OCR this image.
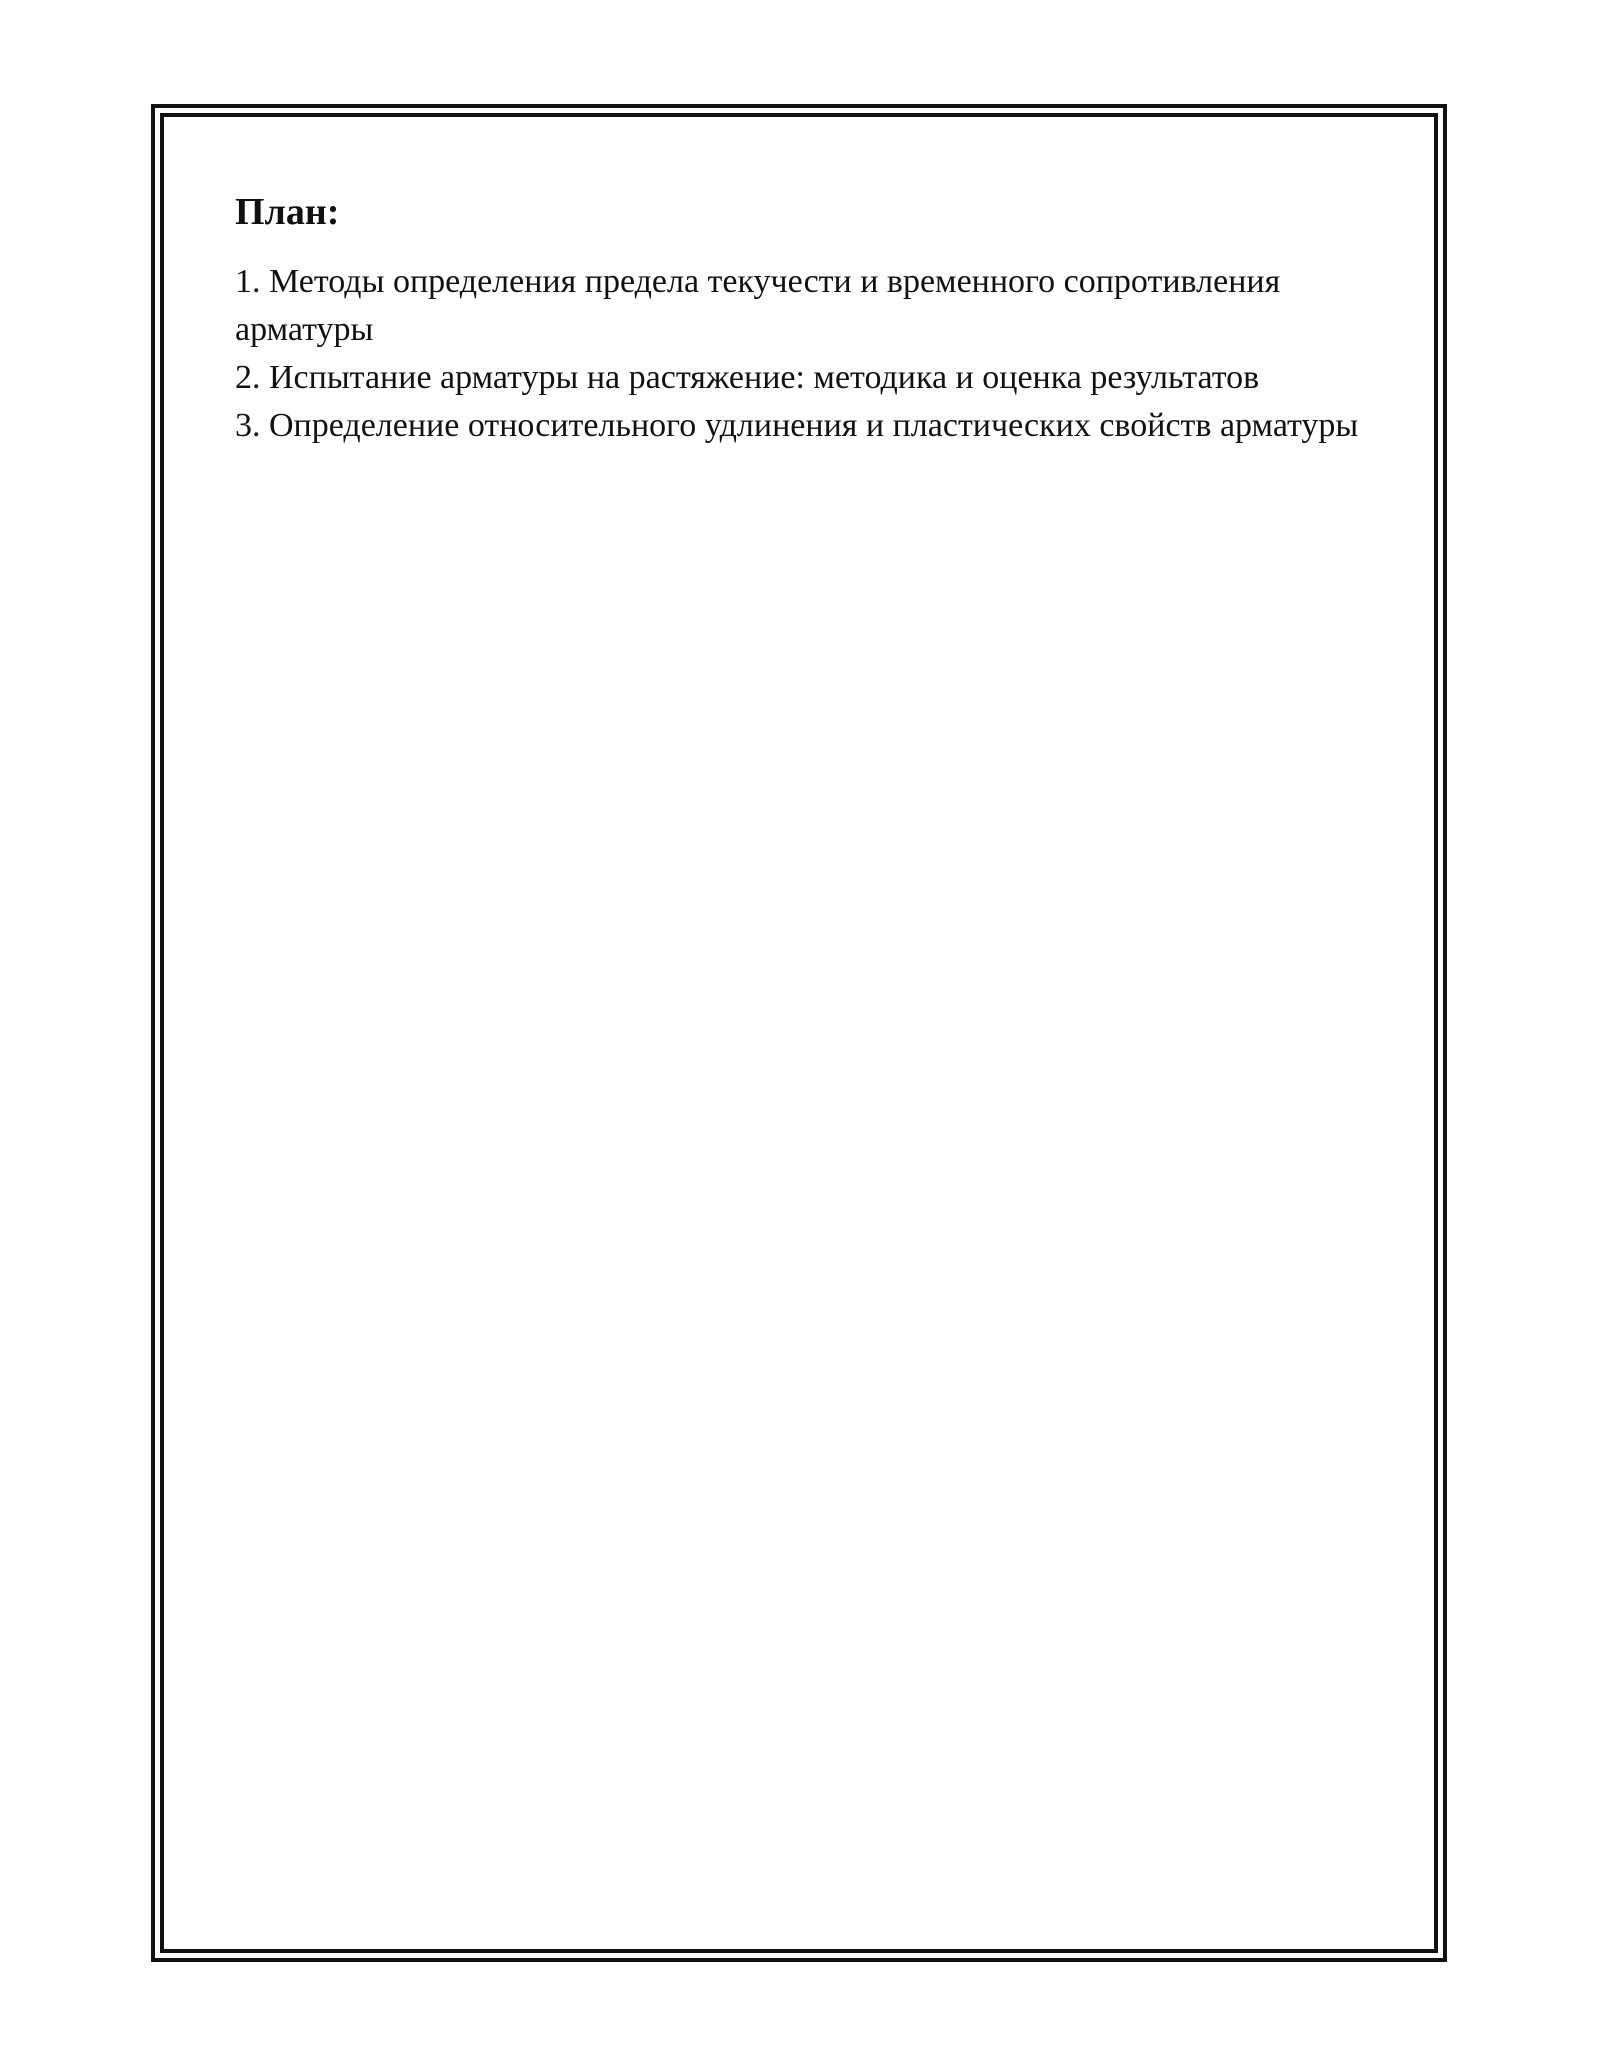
План:
1. Методы определения предела текучести и временного сопротивления арматуры
2. Испытание арматуры на растяжение: методика и оценка результатов
3. Определение относительного удлинения и пластических свойств арматуры
